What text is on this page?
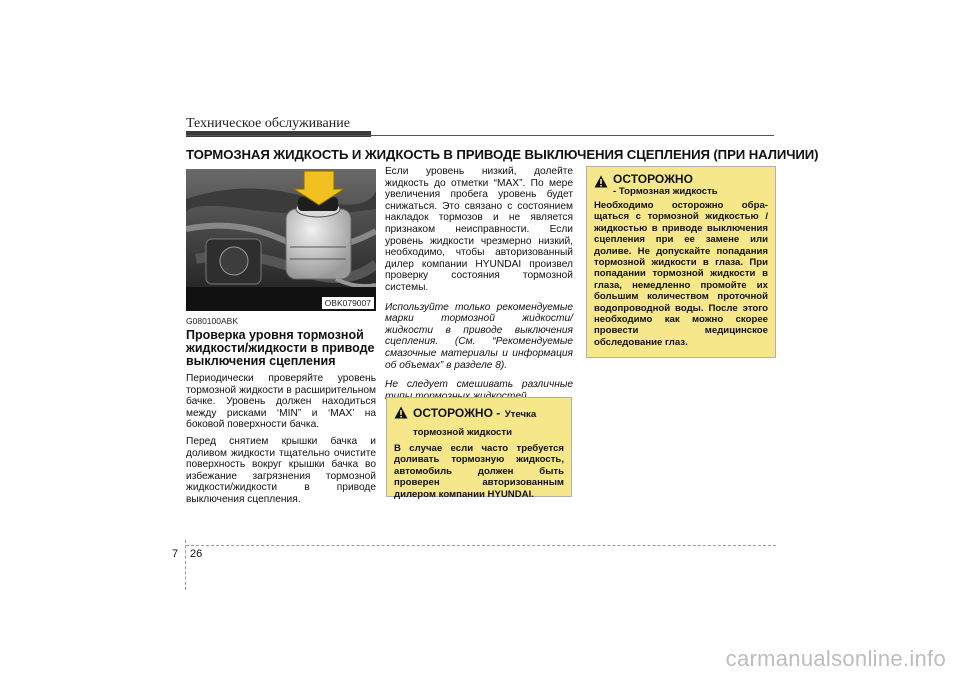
Техническое обслуживание
ТОРМОЗНАЯ ЖИДКОСТЬ И ЖИДКОСТЬ В ПРИВОДЕ ВЫКЛЮЧЕНИЯ СЦЕПЛЕНИЯ (ПРИ НАЛИЧИИ)
OBK079007
G080100ABK
Проверка уровня тормозной жидкости/жидкости в приводе выключения сцепления

Периодически проверяйте уровень тормозной жидкости в расширительном бачке. Уровень должен находиться между рисками ‘MIN” и ‘MAX’ на боковой поверхности бачка.

Перед снятием крышки бачка и доливом жидкости тщательно очистите поверхность вокруг крышки бачка во избежание загрязнения тормозной жидкости/жидкости в приводе выключения сцепления.

Если уровень низкий, долейте жидкость до отметки “MAX”. По мере увеличения пробега уровень будет снижаться. Это связано с состоянием накладок тормозов и не является признаком неисправности. Если уровень жидкости чрезмерно низкий, необходимо, чтобы авторизованный дилер компании HYUNDAI произвел проверку состояния тормозной системы.

Используйте только рекомендуемые марки тормозной жидкости/ жидкости в приводе выключения сцепления. (См. “Рекомендуемые смазочные материалы и информация об объемах” в разделе 8).

Не следует смешивать различные

ОСТОРОЖНО - Утечка
тормозной жидкости
В случае если часто требуется доливать тормозную жидкость, автомобиль должен быть проверен авторизованным дилером компании HYUNDAI.
ОСТОРОЖНО
- Тормозная жидкость
Необходимо осторожно обра-щаться с тормозной жидкостью / жидкостью в приводе выключения сцепления при ее замене или доливе. Не допускайте попадания тормозной жидкости в глаза. При попадании тормозной жидкости в глаза, немедленно промойте их большим количеством проточной водопроводной воды. После этого необходимо как можно скорее провести медицинское обследование глаз.
7 26
carmanualsonline.info
